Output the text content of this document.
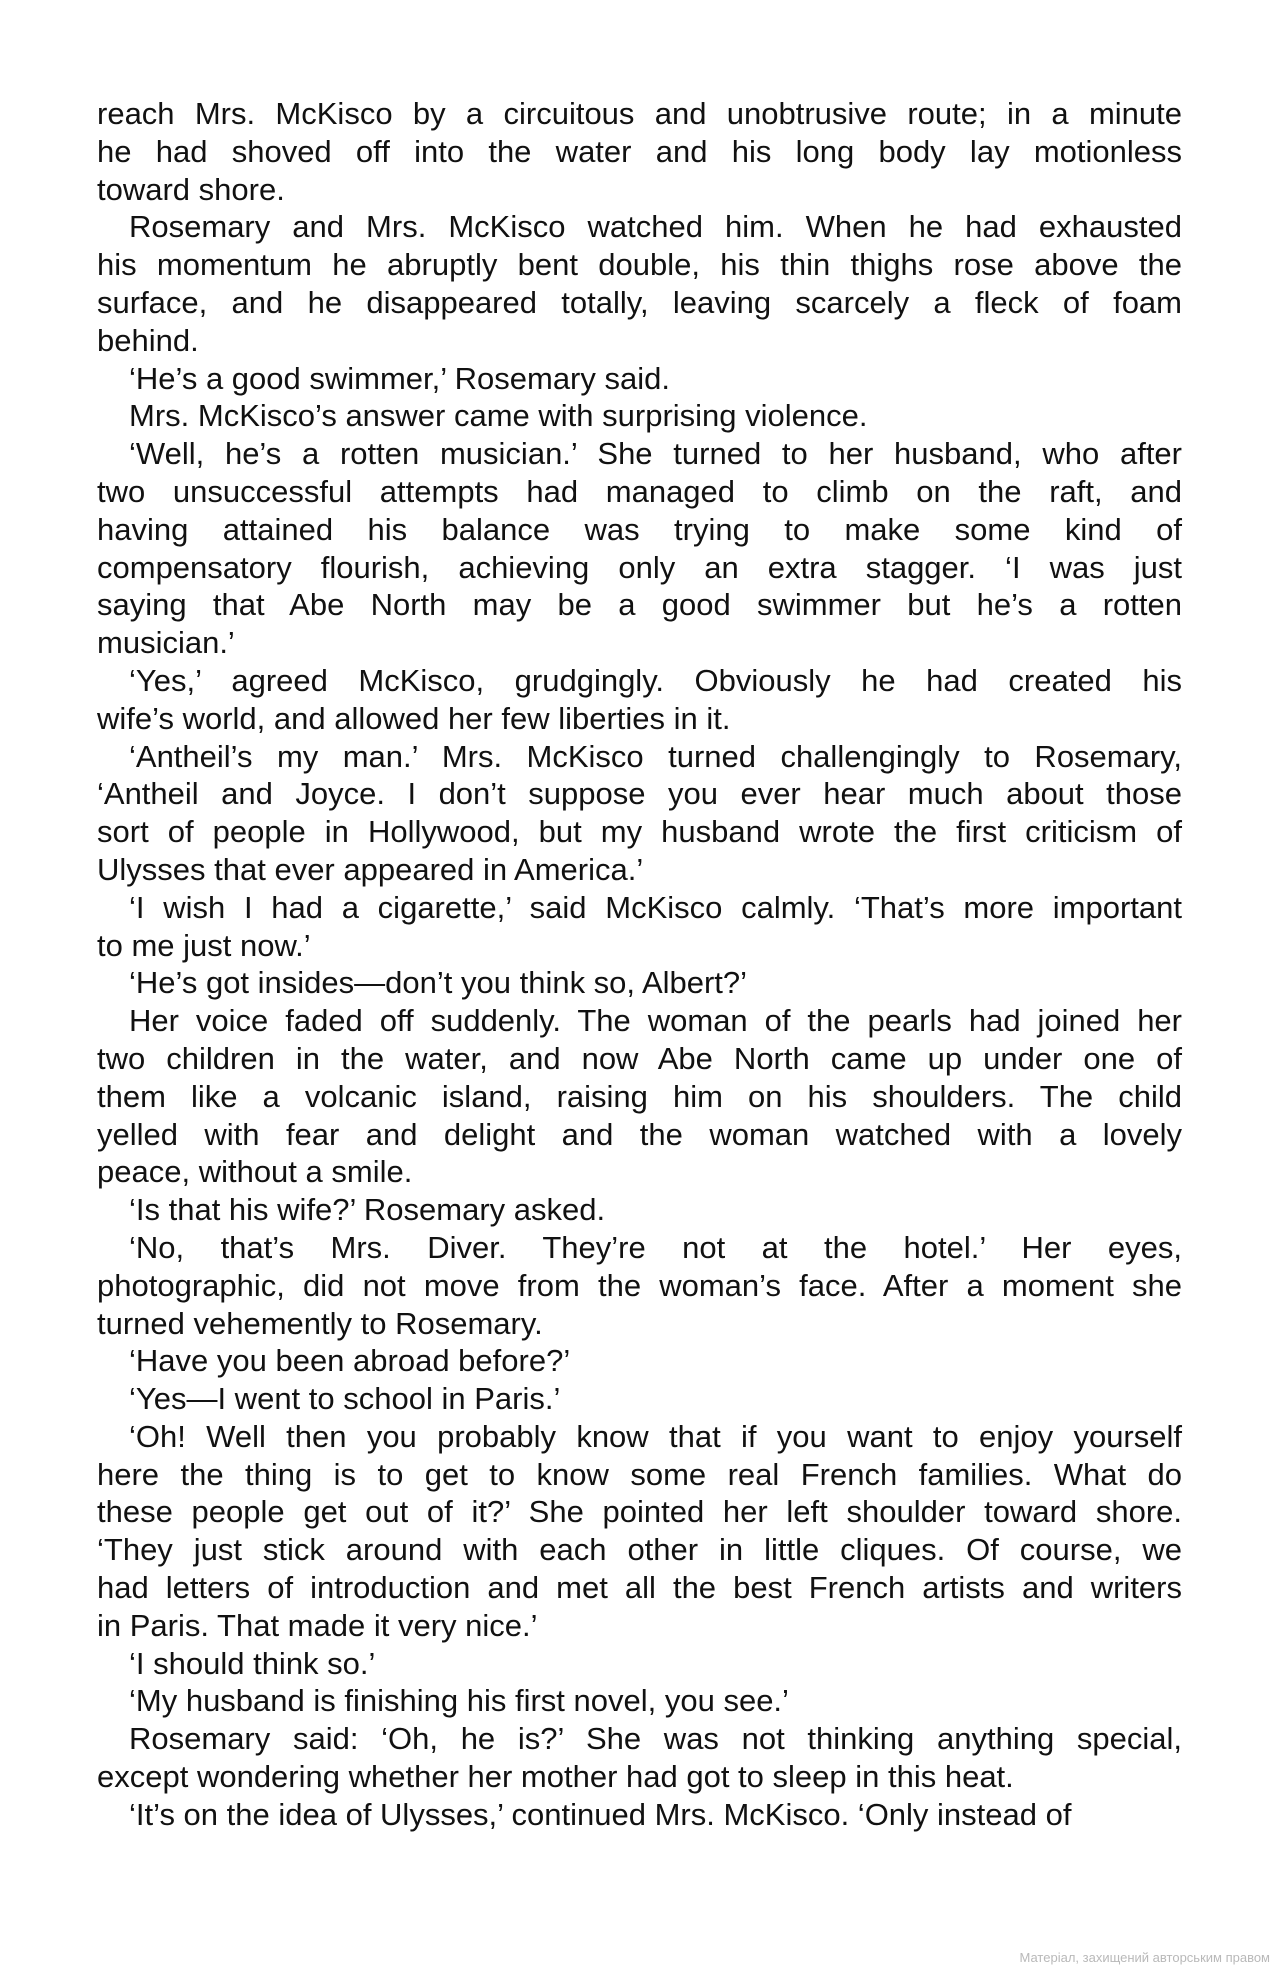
reach Mrs. McKisco by a circuitous and unobtrusive route; in a minute
he had shoved off into the water and his long body lay motionless
toward shore.

Rosemary and Mrs. McKisco watched him. When he had exhausted
his momentum he abruptly bent double, his thin thighs rose above the
surface, and he disappeared totally, leaving scarcely a fleck of foam
behind.

‘He’s a good swimmer,’ Rosemary said.

Mrs. McKisco’s answer came with surprising violence.

‘Well, he’s a rotten musician.’ She turned to her husband, who after
two unsuccessful attempts had managed to climb on the raft, and
having attained his balance was trying to make some kind of
compensatory flourish, achieving only an extra stagger. ‘I was just
saying that Abe North may be a good swimmer but he’s a rotten
musician.’

‘Yes,’ agreed McKisco, grudgingly. Obviously he had created his
wife’s world, and allowed her few liberties in it.

‘Antheil’s my man.’ Mrs. McKisco turned challengingly to Rosemary,
‘Antheil and Joyce. I don’t suppose you ever hear much about those
sort of people in Hollywood, but my husband wrote the first criticism of
Ulysses that ever appeared in America.’

‘I wish I had a cigarette,’ said McKisco calmly. ‘That’s more important
to me just now.’

‘He’s got insides—don’t you think so, Albert?’

Her voice faded off suddenly. The woman of the pearls had joined her
two children in the water, and now Abe North came up under one of
them like a volcanic island, raising him on his shoulders. The child
yelled with fear and delight and the woman watched with a lovely
peace, without a smile.

‘Is that his wife?’ Rosemary asked.

‘No, that’s Mrs. Diver. They’re not at the hotel.’ Her eyes,
photographic, did not move from the woman’s face. After a moment she
turned vehemently to Rosemary.

‘Have you been abroad before?’

‘Yes—I went to school in Paris.’

‘Oh! Well then you probably know that if you want to enjoy yourself
here the thing is to get to know some real French families. What do
these people get out of it?’ She pointed her left shoulder toward shore.
‘They just stick around with each other in little cliques. Of course, we
had letters of introduction and met all the best French artists and writers
in Paris. That made it very nice.’

‘I should think so.’

‘My husband is finishing his first novel, you see.’

Rosemary said: ‘Oh, he is?’ She was not thinking anything special,
except wondering whether her mother had got to sleep in this heat.

‘It’s on the idea of Ulysses,’ continued Mrs. McKisco. ‘Only instead of

Матеріал, захищений авторським правом
